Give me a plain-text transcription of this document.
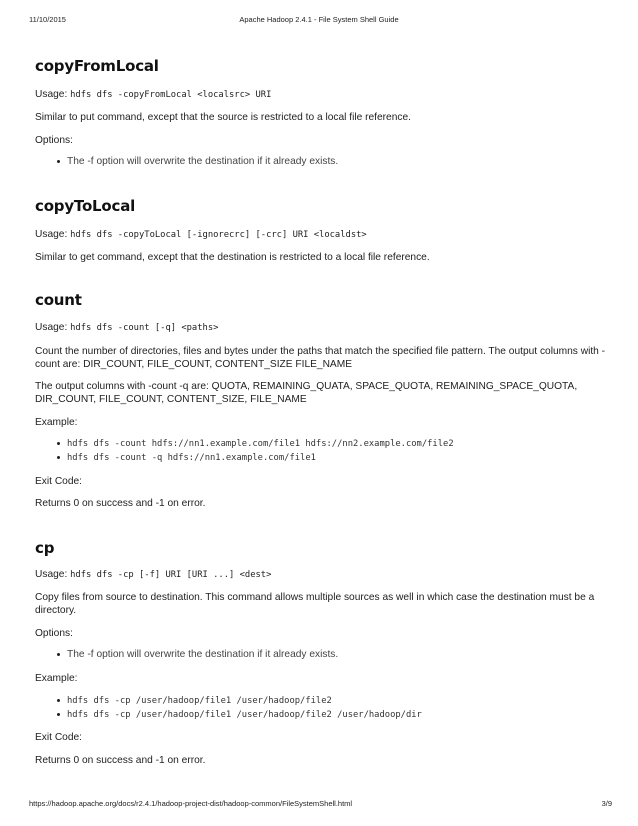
11/10/2015	Apache Hadoop 2.4.1 - File System Shell Guide
copyFromLocal

Usage: hdfs dfs -copyFromLocal <localsrc> URI

Similar to put command, except that the source is restricted to a local file reference.

Options:

The -f option will overwrite the destination if it already exists.
copyToLocal

Usage: hdfs dfs -copyToLocal [-ignorecrc] [-crc] URI <localdst>

Similar to get command, except that the destination is restricted to a local file reference.

count

Usage: hdfs dfs -count [-q] <paths>

Count the number of directories, files and bytes under the paths that match the specified file pattern. The output columns with -count are: DIR_COUNT, FILE_COUNT, CONTENT_SIZE FILE_NAME

The output columns with -count -q are: QUOTA, REMAINING_QUATA, SPACE_QUOTA, REMAINING_SPACE_QUOTA, DIR_COUNT, FILE_COUNT, CONTENT_SIZE, FILE_NAME

Example:

hdfs dfs -count hdfs://nn1.example.com/file1 hdfs://nn2.example.com/file2
hdfs dfs -count -q hdfs://nn1.example.com/file1

Exit Code:

Returns 0 on success and -1 on error.

cp

Usage: hdfs dfs -cp [-f] URI [URI ...] <dest>

Copy files from source to destination. This command allows multiple sources as well in which case the destination must be a directory.

Options:

The -f option will overwrite the destination if it already exists.

Example:

hdfs dfs -cp /user/hadoop/file1 /user/hadoop/file2
hdfs dfs -cp /user/hadoop/file1 /user/hadoop/file2 /user/hadoop/dir

Exit Code:

Returns 0 on success and -1 on error.

https://hadoop.apache.org/docs/r2.4.1/hadoop-project-dist/hadoop-common/FileSystemShell.html	3/9
